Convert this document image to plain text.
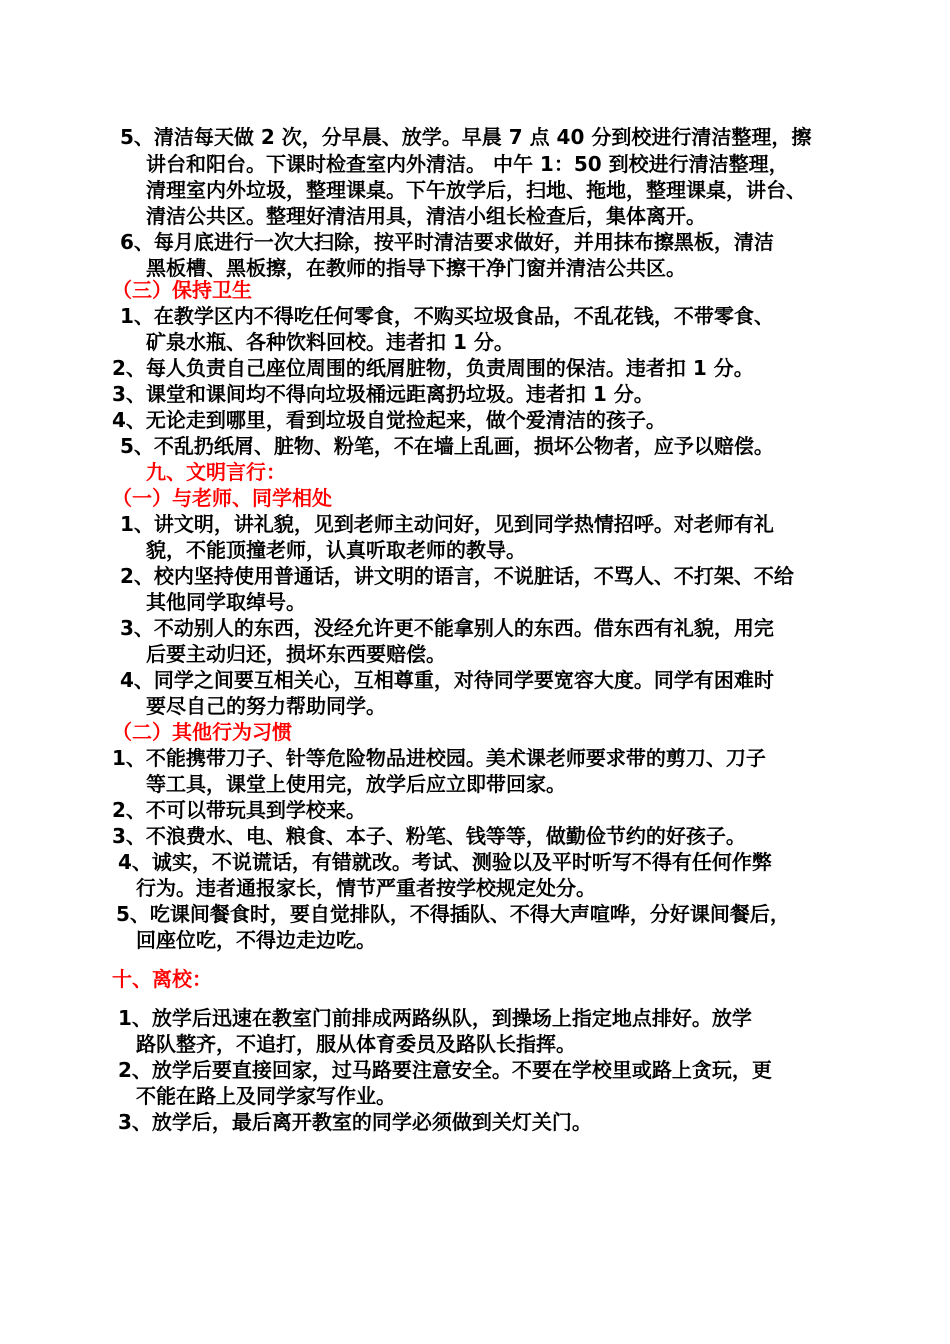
5、清洁每天做 2 次，分早晨、放学。早晨 7 点 40 分到校进行清洁整理，擦

讲台和阳台。下课时检查室内外清洁。 中午 1：50 到校进行清洁整理，

清理室内外垃圾，整理课桌。下午放学后，扫地、拖地，整理课桌，讲台、

清洁公共区。整理好清洁用具，清洁小组长检查后，集体离开。

6、每月底进行一次大扫除，按平时清洁要求做好，并用抹布擦黑板，清洁

黑板槽、黑板擦，在教师的指导下擦干净门窗并清洁公共区。

（三）保持卫生

1、在教学区内不得吃任何零食，不购买垃圾食品，不乱花钱，不带零食、

矿泉水瓶、各种饮料回校。违者扣 1 分。

2、每人负责自己座位周围的纸屑脏物，负责周围的保洁。违者扣 1 分。

3、课堂和课间均不得向垃圾桶远距离扔垃圾。违者扣 1 分。

4、无论走到哪里，看到垃圾自觉捡起来，做个爱清洁的孩子。

5、不乱扔纸屑、脏物、粉笔，不在墙上乱画，损坏公物者，应予以赔偿。

九、文明言行：

（一）与老师、同学相处

1、讲文明，讲礼貌，见到老师主动问好，见到同学热情招呼。对老师有礼

貌，不能顶撞老师，认真听取老师的教导。

2、校内坚持使用普通话，讲文明的语言，不说脏话，不骂人、不打架、不给

其他同学取绰号。

3、不动别人的东西，没经允许更不能拿别人的东西。借东西有礼貌，用完

后要主动归还，损坏东西要赔偿。

4、同学之间要互相关心，互相尊重，对待同学要宽容大度。同学有困难时

要尽自己的努力帮助同学。

（二）其他行为习惯

1、不能携带刀子、针等危险物品进校园。美术课老师要求带的剪刀、刀子

等工具，课堂上使用完，放学后应立即带回家。

2、不可以带玩具到学校来。

3、不浪费水、电、粮食、本子、粉笔、钱等等，做勤俭节约的好孩子。

4、诚实，不说谎话，有错就改。考试、测验以及平时听写不得有任何作弊

行为。违者通报家长，情节严重者按学校规定处分。

5、吃课间餐食时，要自觉排队，不得插队、不得大声喧哗，分好课间餐后，

回座位吃，不得边走边吃。

十、离校：

1、放学后迅速在教室门前排成两路纵队，到操场上指定地点排好。放学

路队整齐，不追打，服从体育委员及路队长指挥。

2、放学后要直接回家，过马路要注意安全。不要在学校里或路上贪玩，更

不能在路上及同学家写作业。

3、放学后，最后离开教室的同学必须做到关灯关门。
